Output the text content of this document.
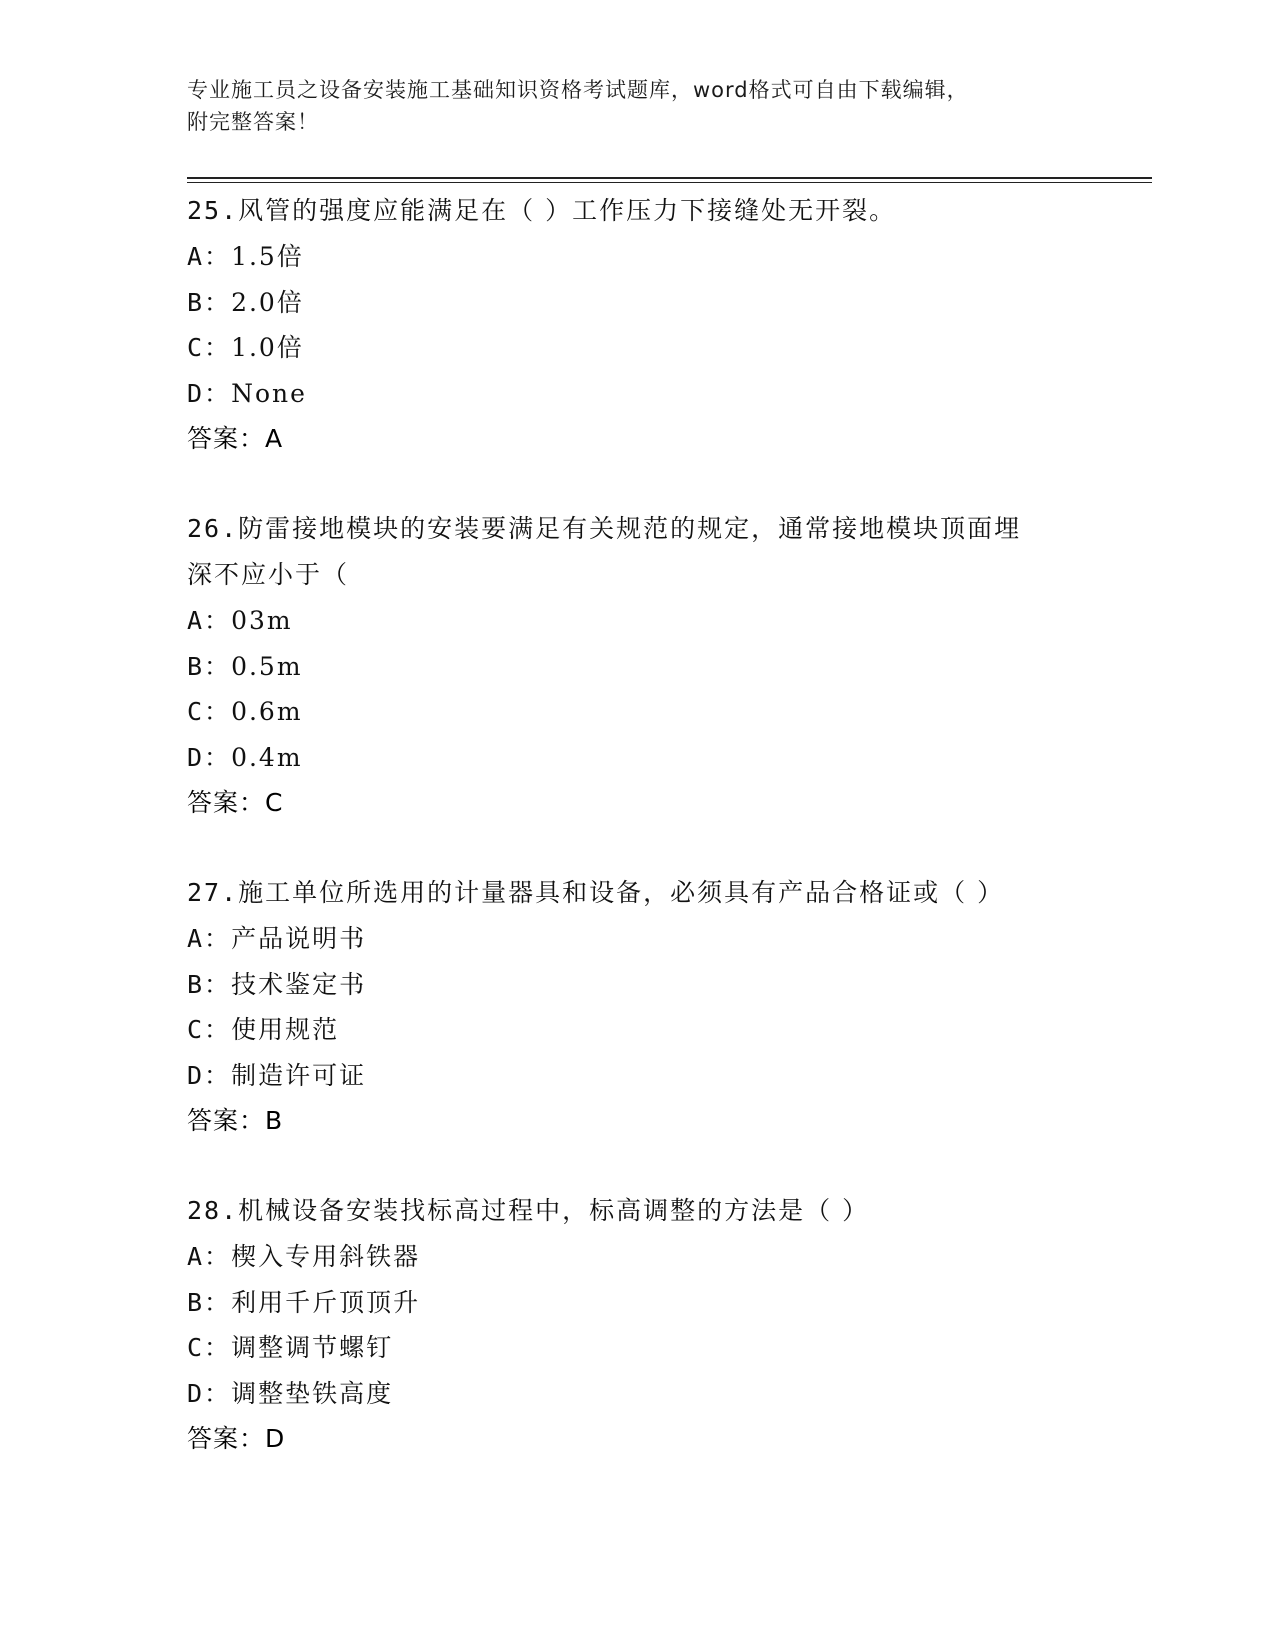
专业施工员之设备安装施工基础知识资格考试题库，word格式可自由下载编辑，
附完整答案！
25.风管的强度应能满足在（ ）工作压力下接缝处无开裂。
A：1.5倍
B：2.0倍
C：1.0倍
D：None
答案：A
26.防雷接地模块的安装要满足有关规范的规定，通常接地模块顶面埋
深不应小于（
A：03m
B：0.5m
C：0.6m
D：0.4m
答案：C
27.施工单位所选用的计量器具和设备，必须具有产品合格证或（ ）
A：产品说明书
B：技术鉴定书
C：使用规范
D：制造许可证
答案：B
28.机械设备安装找标高过程中，标高调整的方法是（ ）
A：楔入专用斜铁器
B：利用千斤顶顶升
C：调整调节螺钉
D：调整垫铁高度
答案：D
